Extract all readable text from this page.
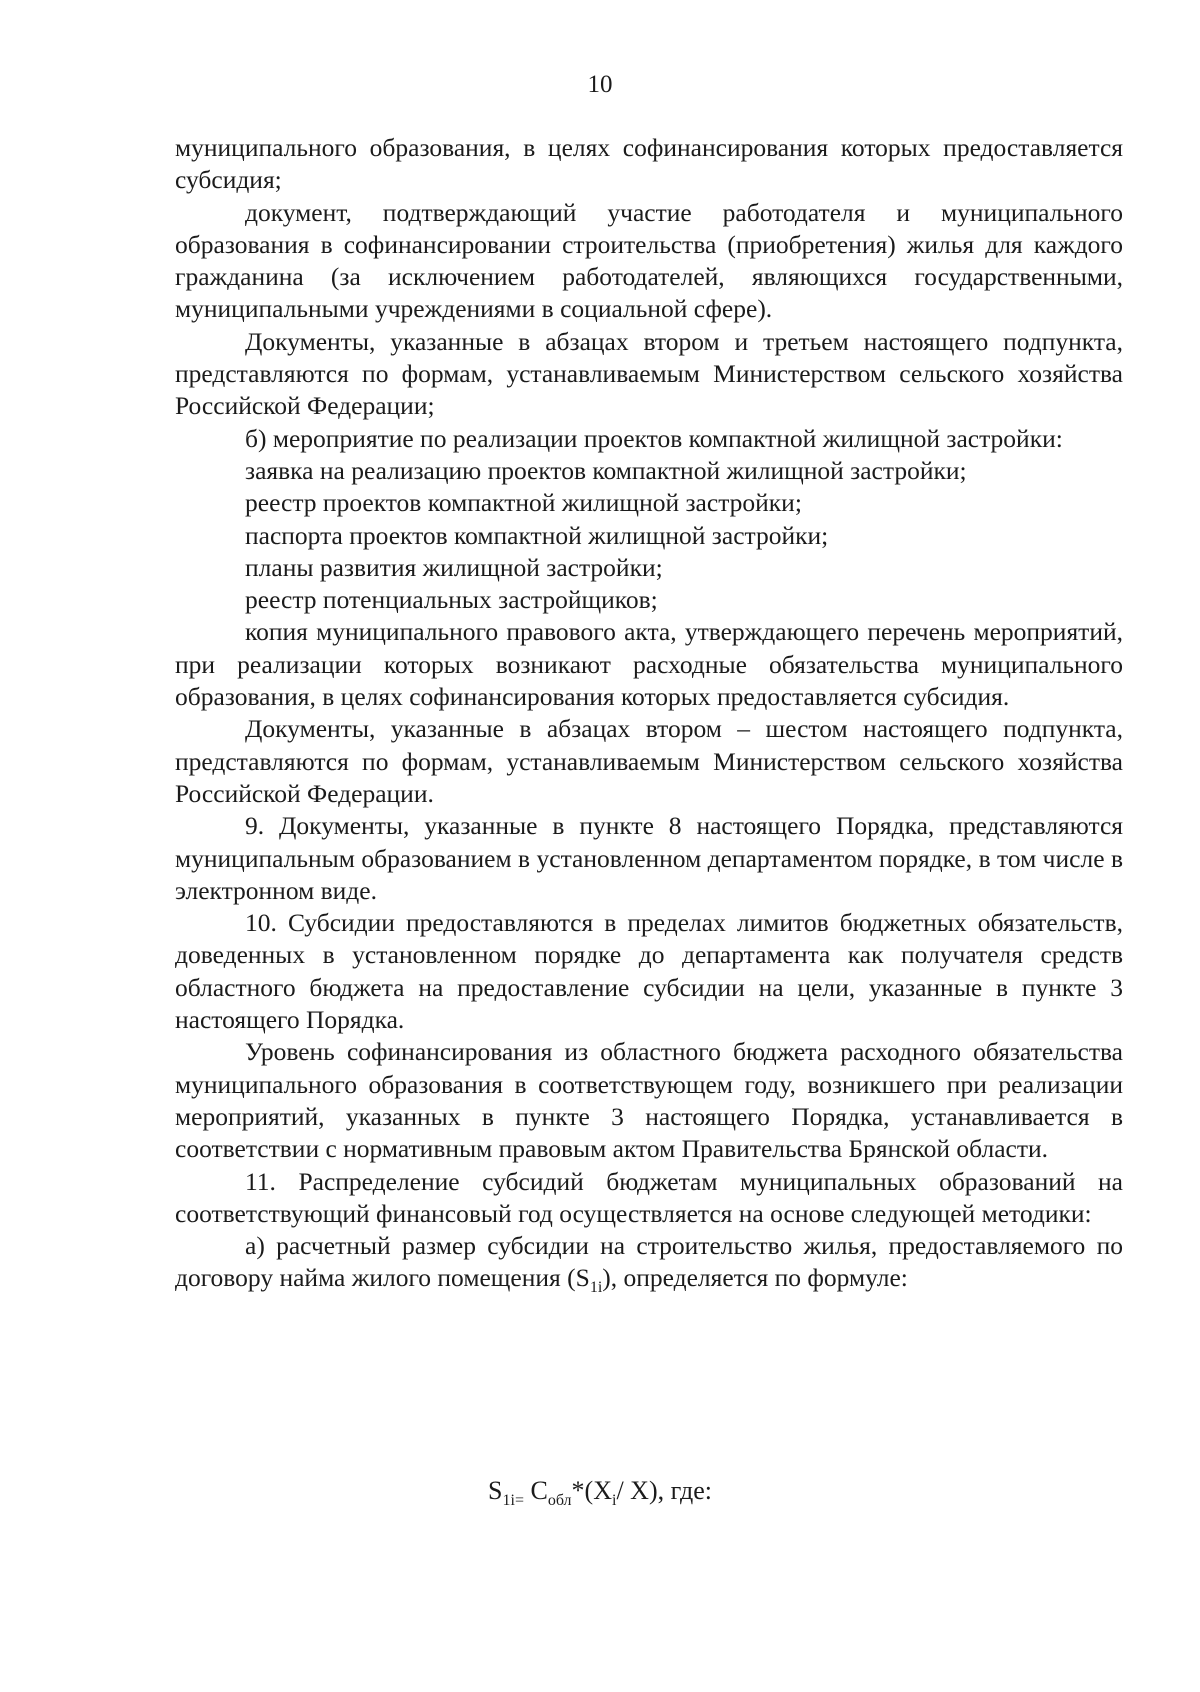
10

муниципального образования, в целях софинансирования которых предоставляется субсидия;

документ, подтверждающий участие работодателя и муниципального образования в софинансировании строительства (приобретения) жилья для каждого гражданина (за исключением работодателей, являющихся государственными, муниципальными учреждениями в социальной сфере).

Документы, указанные в абзацах втором и третьем настоящего подпункта, представляются по формам, устанавливаемым Министерством сельского хозяйства Российской Федерации;

б) мероприятие по реализации проектов компактной жилищной застройки:

заявка на реализацию проектов компактной жилищной застройки;

реестр проектов компактной жилищной застройки;

паспорта проектов компактной жилищной застройки;

планы развития жилищной застройки;

реестр потенциальных застройщиков;

копия муниципального правового акта, утверждающего перечень мероприятий, при реализации которых возникают расходные обязательства муниципального образования, в целях софинансирования которых предоставляется субсидия.

Документы, указанные в абзацах втором – шестом настоящего подпункта, представляются по формам, устанавливаемым Министерством сельского хозяйства Российской Федерации.

9. Документы, указанные в пункте 8 настоящего Порядка, представляются муниципальным образованием в установленном департаментом порядке, в том числе в электронном виде.

10. Субсидии предоставляются в пределах лимитов бюджетных обязательств, доведенных в установленном порядке до департамента как получателя средств областного бюджета на предоставление субсидии на цели, указанные в пункте 3 настоящего Порядка.

Уровень софинансирования из областного бюджета расходного обязательства муниципального образования в соответствующем году, возникшего при реализации мероприятий, указанных в пункте 3 настоящего Порядка, устанавливается в соответствии с нормативным правовым актом Правительства Брянской области.

11. Распределение субсидий бюджетам муниципальных образований на соответствующий финансовый год осуществляется на основе следующей методики:

а) расчетный размер субсидии на строительство жилья, предоставляемого по договору найма жилого помещения $(S_{1i})$, определяется по формуле:

$S_{1i=}$ $C_{обл}*(X_i/$ X), где:
